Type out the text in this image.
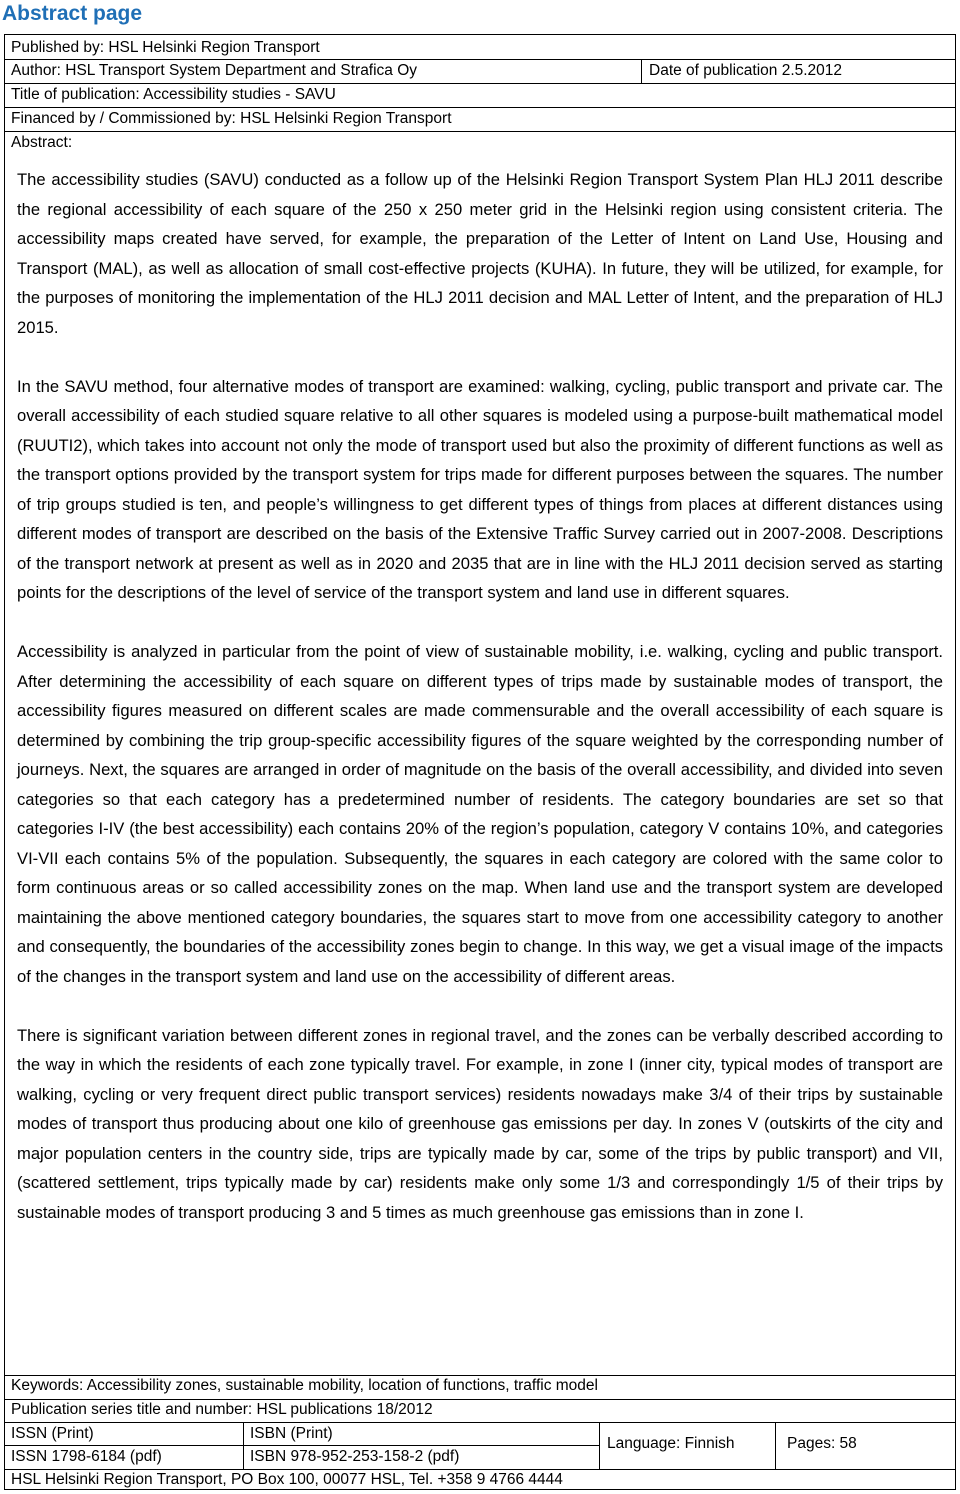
Abstract page
Published by: HSL Helsinki Region Transport
Author: HSL Transport System Department and Strafica Oy	Date of publication 2.5.2012
Title of publication: Accessibility studies - SAVU
Financed by / Commissioned by: HSL Helsinki Region Transport
Abstract:

The accessibility studies (SAVU) conducted as a follow up of the Helsinki Region Transport System Plan HLJ 2011 describe the regional accessibility of each square of the 250 x 250 meter grid in the Helsinki region using consistent criteria. The accessibility maps created have served, for example, the preparation of the Letter of Intent on Land Use, Housing and Transport (MAL), as well as allocation of small cost-effective projects (KUHA). In future, they will be utilized, for example, for the purposes of monitoring the implementation of the HLJ 2011 decision and MAL Letter of Intent, and the preparation of HLJ 2015.

In the SAVU method, four alternative modes of transport are examined: walking, cycling, public transport and private car. The overall accessibility of each studied square relative to all other squares is modeled using a purpose-built mathematical model (RUUTI2), which takes into account not only the mode of transport used but also the proximity of different functions as well as the transport options provided by the transport system for trips made for different purposes between the squares. The number of trip groups studied is ten, and people’s willingness to get different types of things from places at different distances using different modes of transport are described on the basis of the Extensive Traffic Survey carried out in 2007-2008. Descriptions of the transport network at present as well as in 2020 and 2035 that are in line with the HLJ 2011 decision served as starting points for the descriptions of the level of service of the transport system and land use in different squares.

Accessibility is analyzed in particular from the point of view of sustainable mobility, i.e. walking, cycling and public transport. After determining the accessibility of each square on different types of trips made by sustainable modes of transport, the accessibility figures measured on different scales are made commensurable and the overall accessibility of each square is determined by combining the trip group-specific accessibility figures of the square weighted by the corresponding number of journeys. Next, the squares are arranged in order of magnitude on the basis of the overall accessibility, and divided into seven categories so that each category has a predetermined number of residents. The category boundaries are set so that categories I-IV (the best accessibility) each contains 20% of the region’s population, category V contains 10%, and categories VI-VII each contains 5% of the population. Subsequently, the squares in each category are colored with the same color to form continuous areas or so called accessibility zones on the map. When land use and the transport system are developed maintaining the above mentioned category boundaries, the squares start to move from one accessibility category to another and consequently, the boundaries of the accessibility zones begin to change. In this way, we get a visual image of the impacts of the changes in the transport system and land use on the accessibility of different areas.

There is significant variation between different zones in regional travel, and the zones can be verbally described according to the way in which the residents of each zone typically travel. For example, in zone I (inner city, typical modes of transport are walking, cycling or very frequent direct public transport services) residents nowadays make 3/4 of their trips by sustainable modes of transport thus producing about one kilo of greenhouse gas emissions per day. In zones V (outskirts of the city and major population centers in the country side, trips are typically made by car, some of the trips by public transport) and VII, (scattered settlement, trips typically made by car) residents make only some 1/3 and correspondingly 1/5 of their trips by sustainable modes of transport producing 3 and 5 times as much greenhouse gas emissions than in zone I.

Keywords: Accessibility zones, sustainable mobility, location of functions, traffic model
Publication series title and number: HSL publications 18/2012
ISSN (Print)	ISBN (Print)
ISSN 1798-6184 (pdf)	ISBN 978-952-253-158-2 (pdf)
Language: Finnish	Pages: 58
HSL Helsinki Region Transport, PO Box 100, 00077 HSL, Tel. +358 9 4766 4444
